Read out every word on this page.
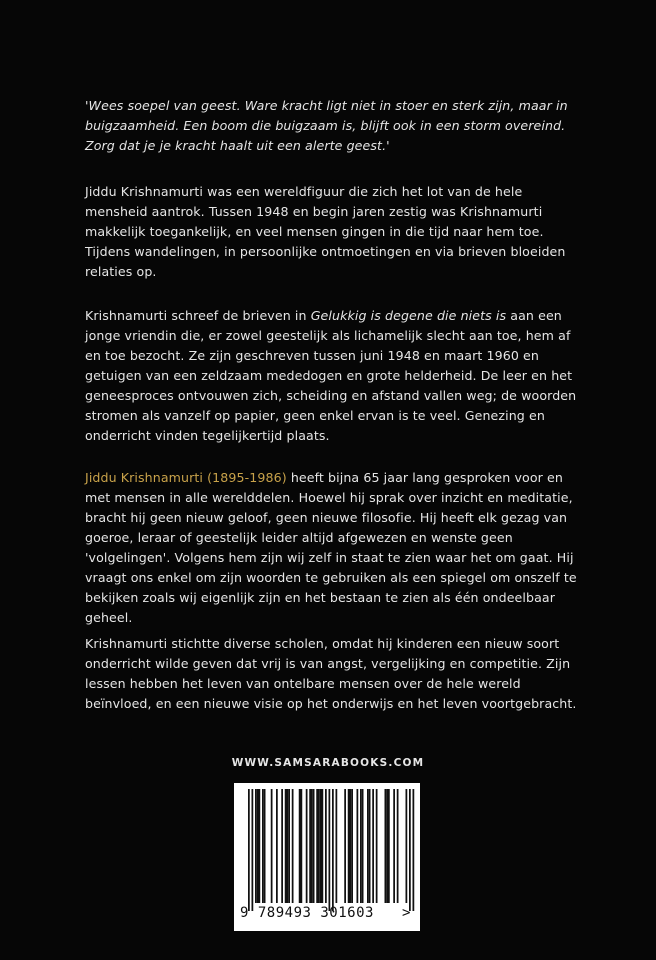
'Wees soepel van geest. Ware kracht ligt niet in stoer en sterk zijn, maar in buigzaamheid. Een boom die buigzaam is, blijft ook in een storm overeind. Zorg dat je je kracht haalt uit een alerte geest.'
Jiddu Krishnamurti was een wereldfiguur die zich het lot van de hele mensheid aantrok. Tussen 1948 en begin jaren zestig was Krishnamurti makkelijk toegankelijk, en veel mensen gingen in die tijd naar hem toe. Tijdens wandelingen, in persoonlijke ontmoetingen en via brieven bloeiden relaties op.
Krishnamurti schreef de brieven in Gelukkig is degene die niets is aan een jonge vriendin die, er zowel geestelijk als lichamelijk slecht aan toe, hem af en toe bezocht. Ze zijn geschreven tussen juni 1948 en maart 1960 en getuigen van een zeldzaam mededogen en grote helderheid. De leer en het geneesproces ontvouwen zich, scheiding en afstand vallen weg; de woorden stromen als vanzelf op papier, geen enkel ervan is te veel. Genezing en onderricht vinden tegelijkertijd plaats.
Jiddu Krishnamurti (1895-1986) heeft bijna 65 jaar lang gesproken voor en met mensen in alle werelddelen. Hoewel hij sprak over inzicht en meditatie, bracht hij geen nieuw geloof, geen nieuwe filosofie. Hij heeft elk gezag van goeroe, leraar of geestelijk leider altijd afgewezen en wenste geen 'volgelingen'. Volgens hem zijn wij zelf in staat te zien waar het om gaat. Hij vraagt ons enkel om zijn woorden te gebruiken als een spiegel om onszelf te bekijken zoals wij eigenlijk zijn en het bestaan te zien als één ondeelbaar geheel.
Krishnamurti stichtte diverse scholen, omdat hij kinderen een nieuw soort onderricht wilde geven dat vrij is van angst, vergelijking en competitie. Zijn lessen hebben het leven van ontelbare mensen over de hele wereld beïnvloed, en een nieuwe visie op het onderwijs en het leven voortgebracht.
WWW.SAMSARABOOKS.COM
9 789493 301603 >
